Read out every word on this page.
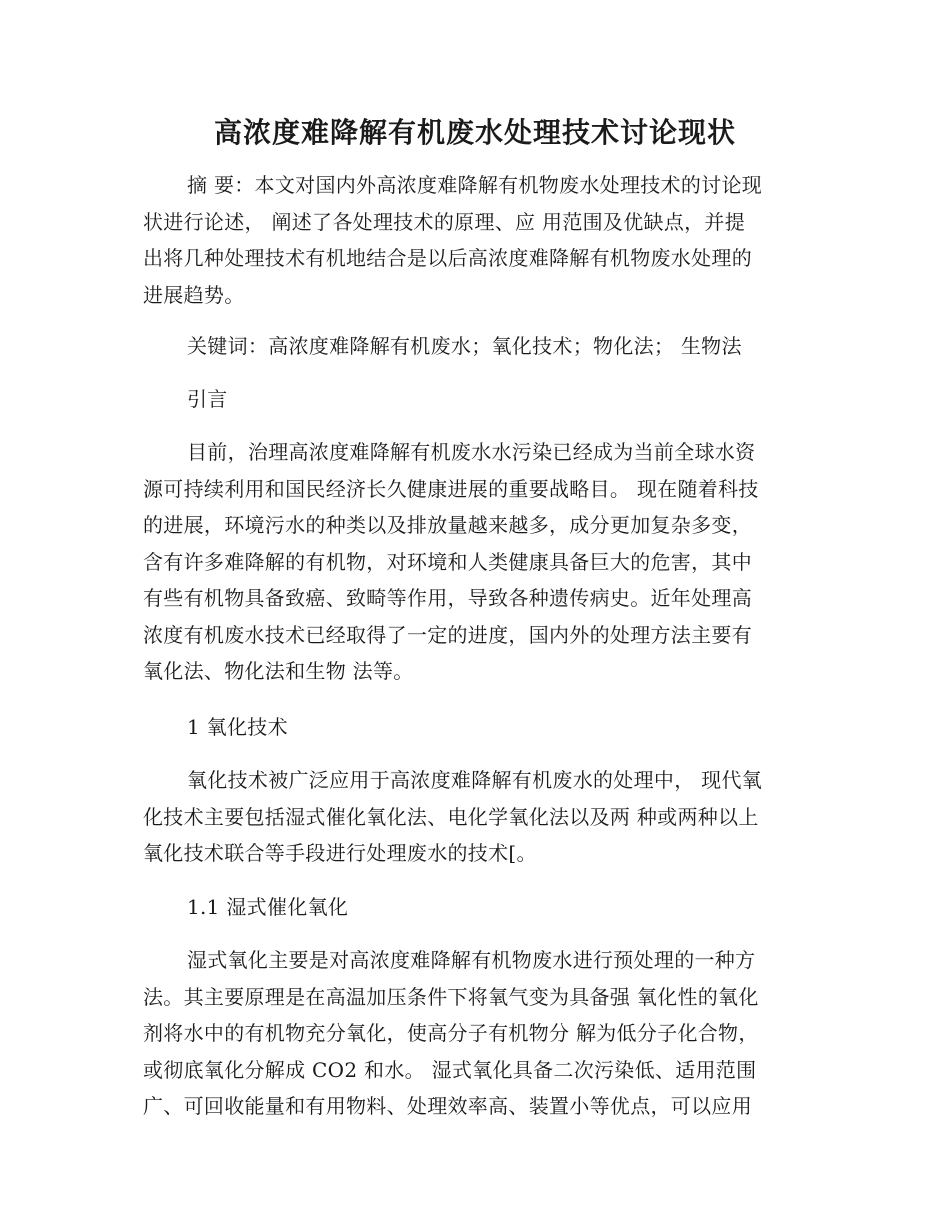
高浓度难降解有机废水处理技术讨论现状
摘 要：本文对国内外高浓度难降解有机物废水处理技术的讨论现
状进行论述， 阐述了各处理技术的原理、应 用范围及优缺点，并提
出将几种处理技术有机地结合是以后高浓度难降解有机物废水处理的
进展趋势。
关键词：高浓度难降解有机废水；氧化技术；物化法； 生物法
引言
目前，治理高浓度难降解有机废水水污染已经成为当前全球水资
源可持续利用和国民经济长久健康进展的重要战略目。 现在随着科技
的进展，环境污水的种类以及排放量越来越多，成分更加复杂多变，
含有许多难降解的有机物，对环境和人类健康具备巨大的危害，其中
有些有机物具备致癌、致畸等作用，导致各种遗传病史。近年处理高
浓度有机废水技术已经取得了一定的进度，国内外的处理方法主要有
氧化法、物化法和生物 法等。
1 氧化技术
氧化技术被广泛应用于高浓度难降解有机废水的处理中， 现代氧
化技术主要包括湿式催化氧化法、电化学氧化法以及两 种或两种以上
氧化技术联合等手段进行处理废水的技术[。
1.1 湿式催化氧化
湿式氧化主要是对高浓度难降解有机物废水进行预处理的一种方
法。其主要原理是在高温加压条件下将氧气变为具备强 氧化性的氧化
剂将水中的有机物充分氧化，使高分子有机物分 解为低分子化合物，
或彻底氧化分解成 CO2 和水。 湿式氧化具备二次污染低、适用范围
广、可回收能量和有用物料、处理效率高、装置小等优点，可以应用
